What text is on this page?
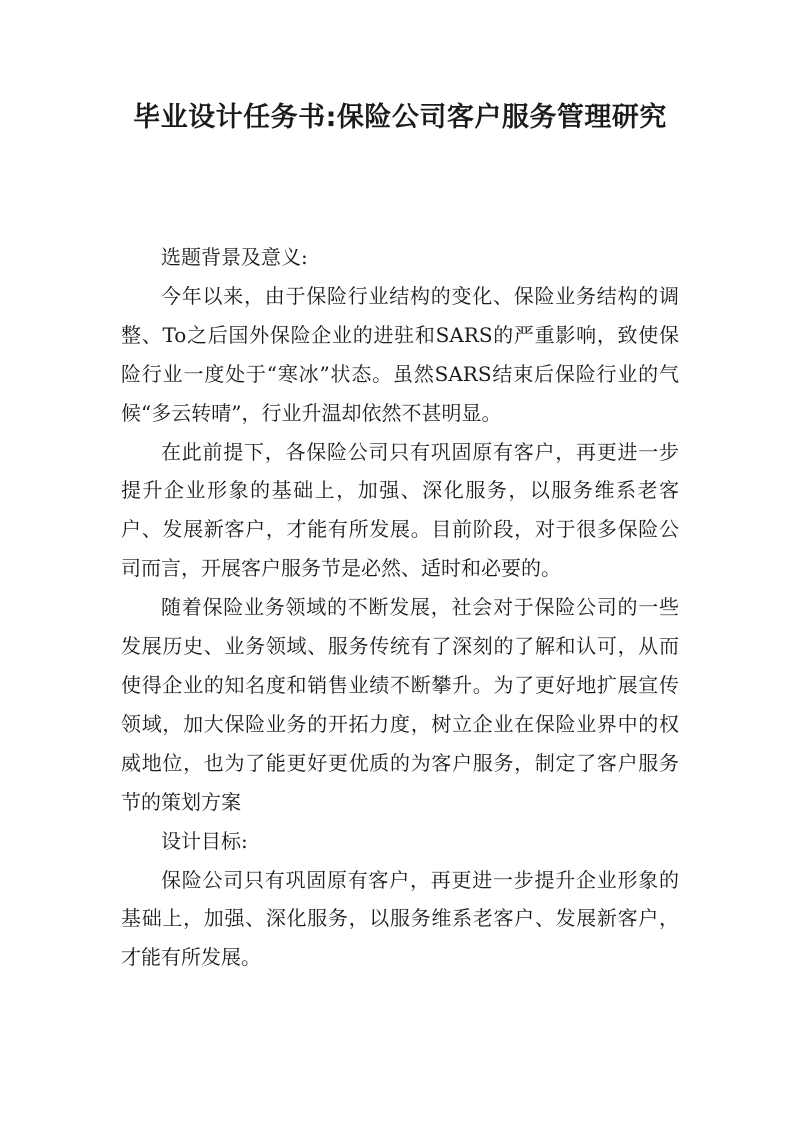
毕业设计任务书:保险公司客户服务管理研究

选题背景及意义:

今年以来，由于保险行业结构的变化、保险业务结构的调整、To之后国外保险企业的进驻和SARS的严重影响，致使保险行业一度处于“寒冰”状态。虽然SARS结束后保险行业的气候“多云转晴”，行业升温却依然不甚明显。

在此前提下，各保险公司只有巩固原有客户，再更进一步提升企业形象的基础上，加强、深化服务，以服务维系老客户、发展新客户，才能有所发展。目前阶段，对于很多保险公司而言，开展客户服务节是必然、适时和必要的。

随着保险业务领域的不断发展，社会对于保险公司的一些发展历史、业务领域、服务传统有了深刻的了解和认可，从而使得企业的知名度和销售业绩不断攀升。为了更好地扩展宣传领域，加大保险业务的开拓力度，树立企业在保险业界中的权威地位，也为了能更好更优质的为客户服务，制定了客户服务节的策划方案

设计目标:

保险公司只有巩固原有客户，再更进一步提升企业形象的基础上，加强、深化服务，以服务维系老客户、发展新客户，才能有所发展。
